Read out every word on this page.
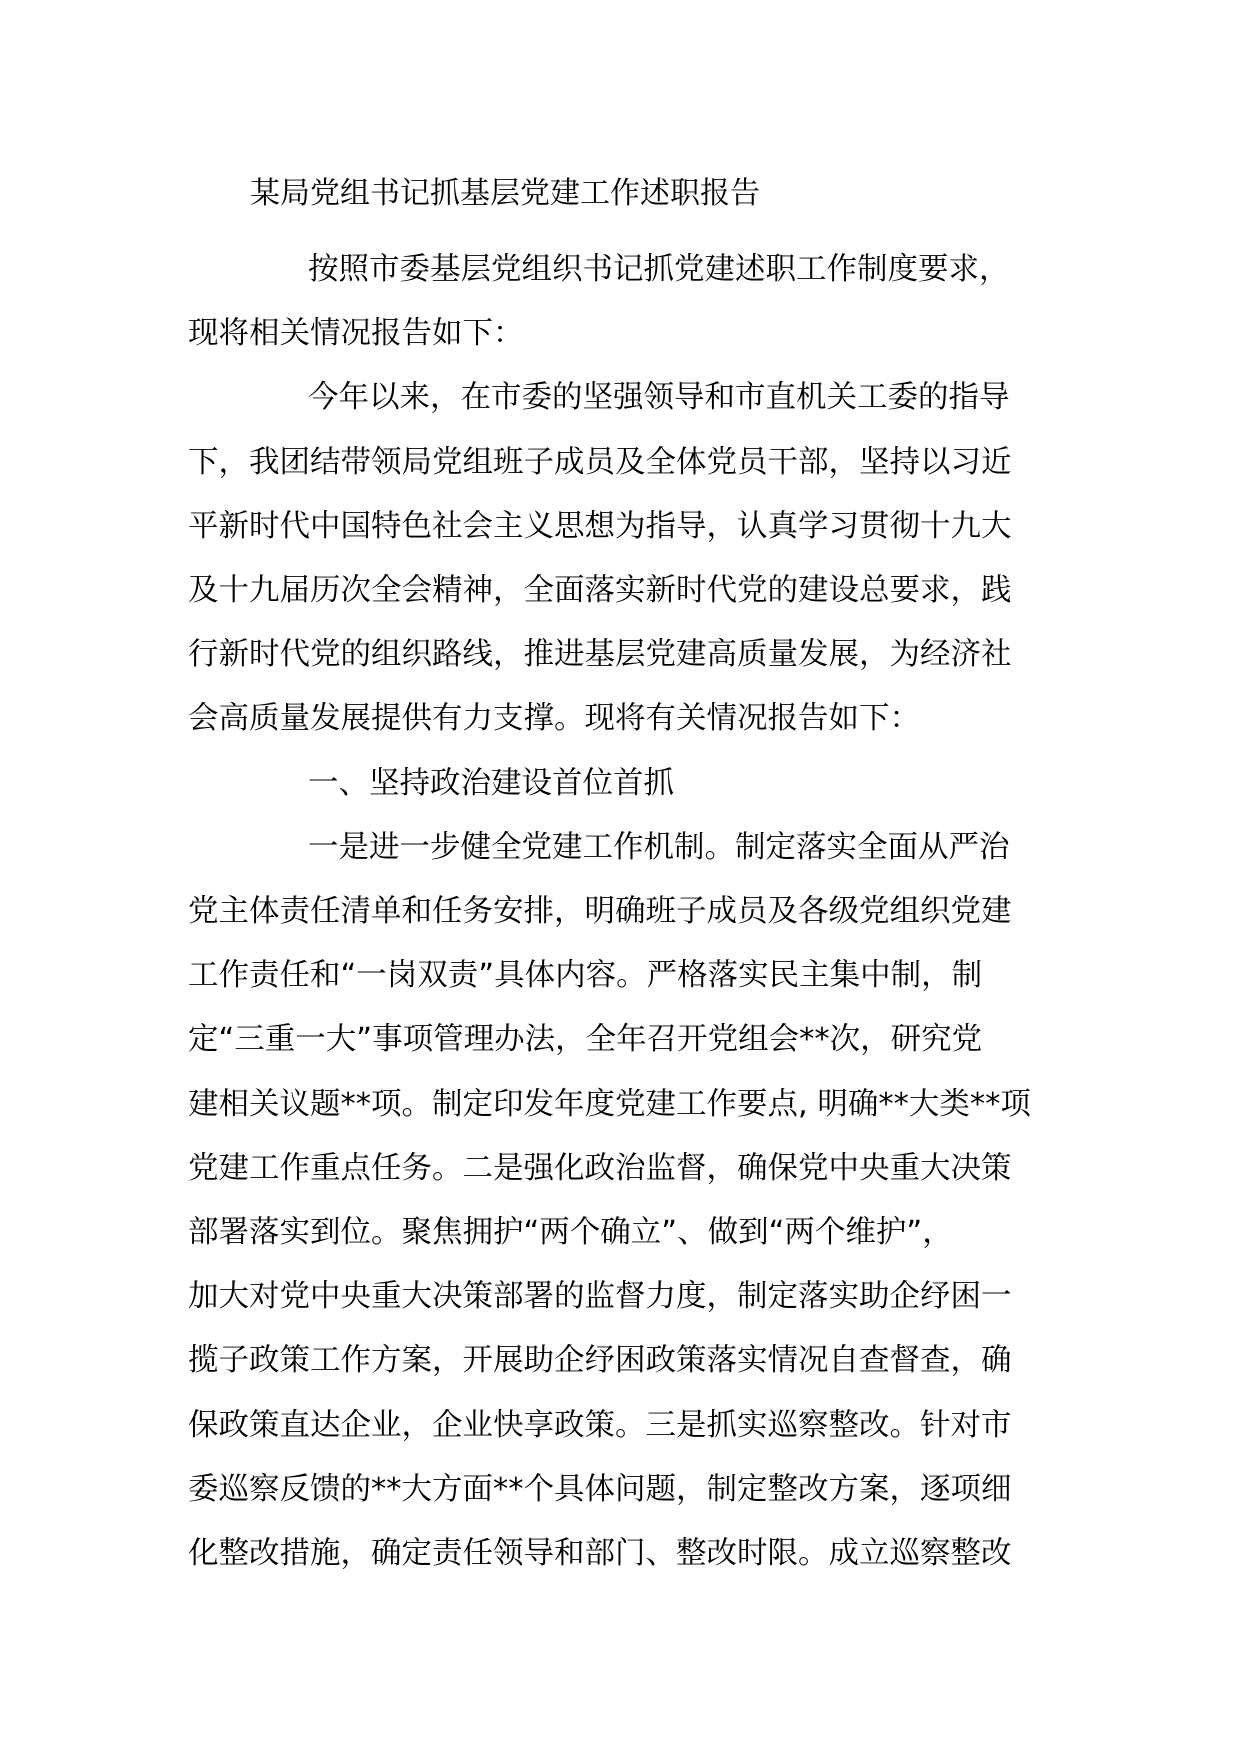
某局党组书记抓基层党建工作述职报告

按照市委基层党组织书记抓党建述职工作制度要求，
现将相关情况报告如下：

今年以来，在市委的坚强领导和市直机关工委的指导
下，我团结带领局党组班子成员及全体党员干部，坚持以习近
平新时代中国特色社会主义思想为指导，认真学习贯彻十九大
及十九届历次全会精神，全面落实新时代党的建设总要求，践
行新时代党的组织路线，推进基层党建高质量发展，为经济社
会高质量发展提供有力支撑。现将有关情况报告如下：

一、坚持政治建设首位首抓

一是进一步健全党建工作机制。制定落实全面从严治
党主体责任清单和任务安排，明确班子成员及各级党组织党建
工作责任和“一岗双责”具体内容。严格落实民主集中制，制
定“三重一大”事项管理办法，全年召开党组会**次，研究党
建相关议题**项。制定印发年度党建工作要点, 明确**大类**项
党建工作重点任务。二是强化政治监督，确保党中央重大决策
部署落实到位。聚焦拥护“两个确立”、做到“两个维护”，
加大对党中央重大决策部署的监督力度，制定落实助企纾困一
揽子政策工作方案，开展助企纾困政策落实情况自查督查，确
保政策直达企业，企业快享政策。三是抓实巡察整改。针对市
委巡察反馈的**大方面**个具体问题，制定整改方案，逐项细
化整改措施，确定责任领导和部门、整改时限。成立巡察整改
